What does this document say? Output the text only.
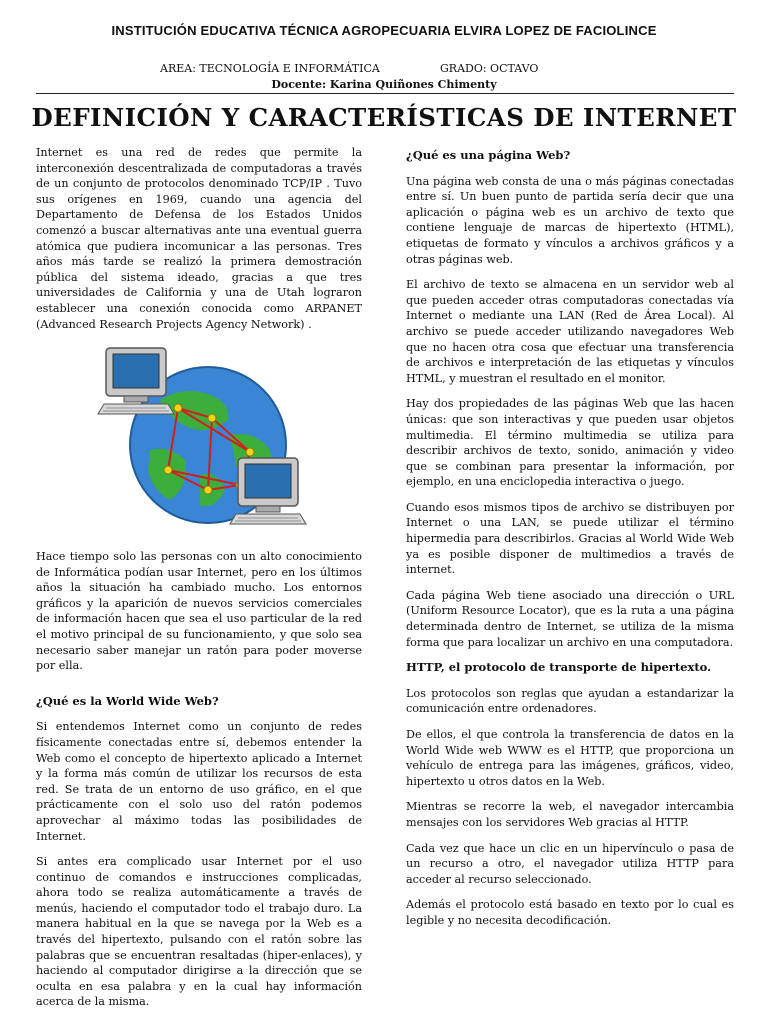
INSTITUCIÓN EDUCATIVA TÉCNICA AGROPECUARIA ELVIRA LOPEZ DE FACIOLINCE
AREA: TECNOLOGÍA E INFORMÁTICA	GRADO: OCTAVO
Docente: Karina Quiñones Chimenty
DEFINICIÓN Y CARACTERÍSTICAS DE INTERNET

Internet es una red de redes que permite la interconexión descentralizada de computadoras a través de un conjunto de protocolos denominado TCP/IP . Tuvo sus orígenes en 1969, cuando una agencia del Departamento de Defensa de los Estados Unidos comenzó a buscar alternativas ante una eventual guerra atómica que pudiera incomunicar a las personas. Tres años más tarde se realizó la primera demostración pública del sistema ideado, gracias a que tres universidades de California y una de Utah lograron establecer una conexión conocida como ARPANET (Advanced Research Projects Agency Network) .

Hace tiempo solo las personas con un alto conocimiento de Informática podían usar Internet, pero en los últimos años la situación ha cambiado mucho. Los entornos gráficos y la aparición de nuevos servicios comerciales de información hacen que sea el uso particular de la red el motivo principal de su funcionamiento, y que solo sea necesario saber manejar un ratón para poder moverse por ella.

¿Qué es la World Wide Web?

Si entendemos Internet como un conjunto de redes físicamente conectadas entre sí, debemos entender la Web como el concepto de hipertexto aplicado a Internet y la forma más común de utilizar los recursos de esta red. Se trata de un entorno de uso gráfico, en el que prácticamente con el solo uso del ratón podemos aprovechar al máximo todas las posibilidades de Internet.

Si antes era complicado usar Internet por el uso continuo de comandos e instrucciones complicadas, ahora todo se realiza automáticamente a través de menús, haciendo el computador todo el trabajo duro. La manera habitual en la que se navega por la Web es a través del hipertexto, pulsando con el ratón sobre las palabras que se encuentran resaltadas (hiper-enlaces), y haciendo al computador dirigirse a la dirección que se oculta en esa palabra y en la cual hay información acerca de la misma.

¿Qué es una página Web?

Una página web consta de una o más páginas conectadas entre sí. Un buen punto de partida sería decir que una aplicación o página web es un archivo de texto que contiene lenguaje de marcas de hipertexto (HTML), etiquetas de formato y vínculos a archivos gráficos y a otras páginas web.

El archivo de texto se almacena en un servidor web al que pueden acceder otras computadoras conectadas vía Internet o mediante una LAN (Red de Área Local). Al archivo se puede acceder utilizando navegadores Web que no hacen otra cosa que efectuar una transferencia de archivos e interpretación de las etiquetas y vínculos HTML, y muestran el resultado en el monitor.

Hay dos propiedades de las páginas Web que las hacen únicas: que son interactivas y que pueden usar objetos multimedia. El término multimedia se utiliza para describir archivos de texto, sonido, animación y video que se combinan para presentar la información, por ejemplo, en una enciclopedia interactiva o juego.

Cuando esos mismos tipos de archivo se distribuyen por Internet o una LAN, se puede utilizar el término hipermedia para describirlos. Gracias al World Wide Web ya es posible disponer de multimedios a través de internet.

Cada página Web tiene asociado una dirección o URL (Uniform Resource Locator), que es la ruta a una página determinada dentro de Internet, se utiliza de la misma forma que para localizar un archivo en una computadora.

HTTP, el protocolo de transporte de hipertexto.

Los protocolos son reglas que ayudan a estandarizar la comunicación entre ordenadores.

De ellos, el que controla la transferencia de datos en la World Wide web WWW es el HTTP, que proporciona un vehículo de entrega para las imágenes, gráficos, video, hipertexto u otros datos en la Web.

Mientras se recorre la web, el navegador intercambia mensajes con los servidores Web gracias al HTTP.

Cada vez que hace un clic en un hipervínculo o pasa de un recurso a otro, el navegador utiliza HTTP para acceder al recurso seleccionado.

Además el protocolo está basado en texto por lo cual es legible y no necesita decodificación.
